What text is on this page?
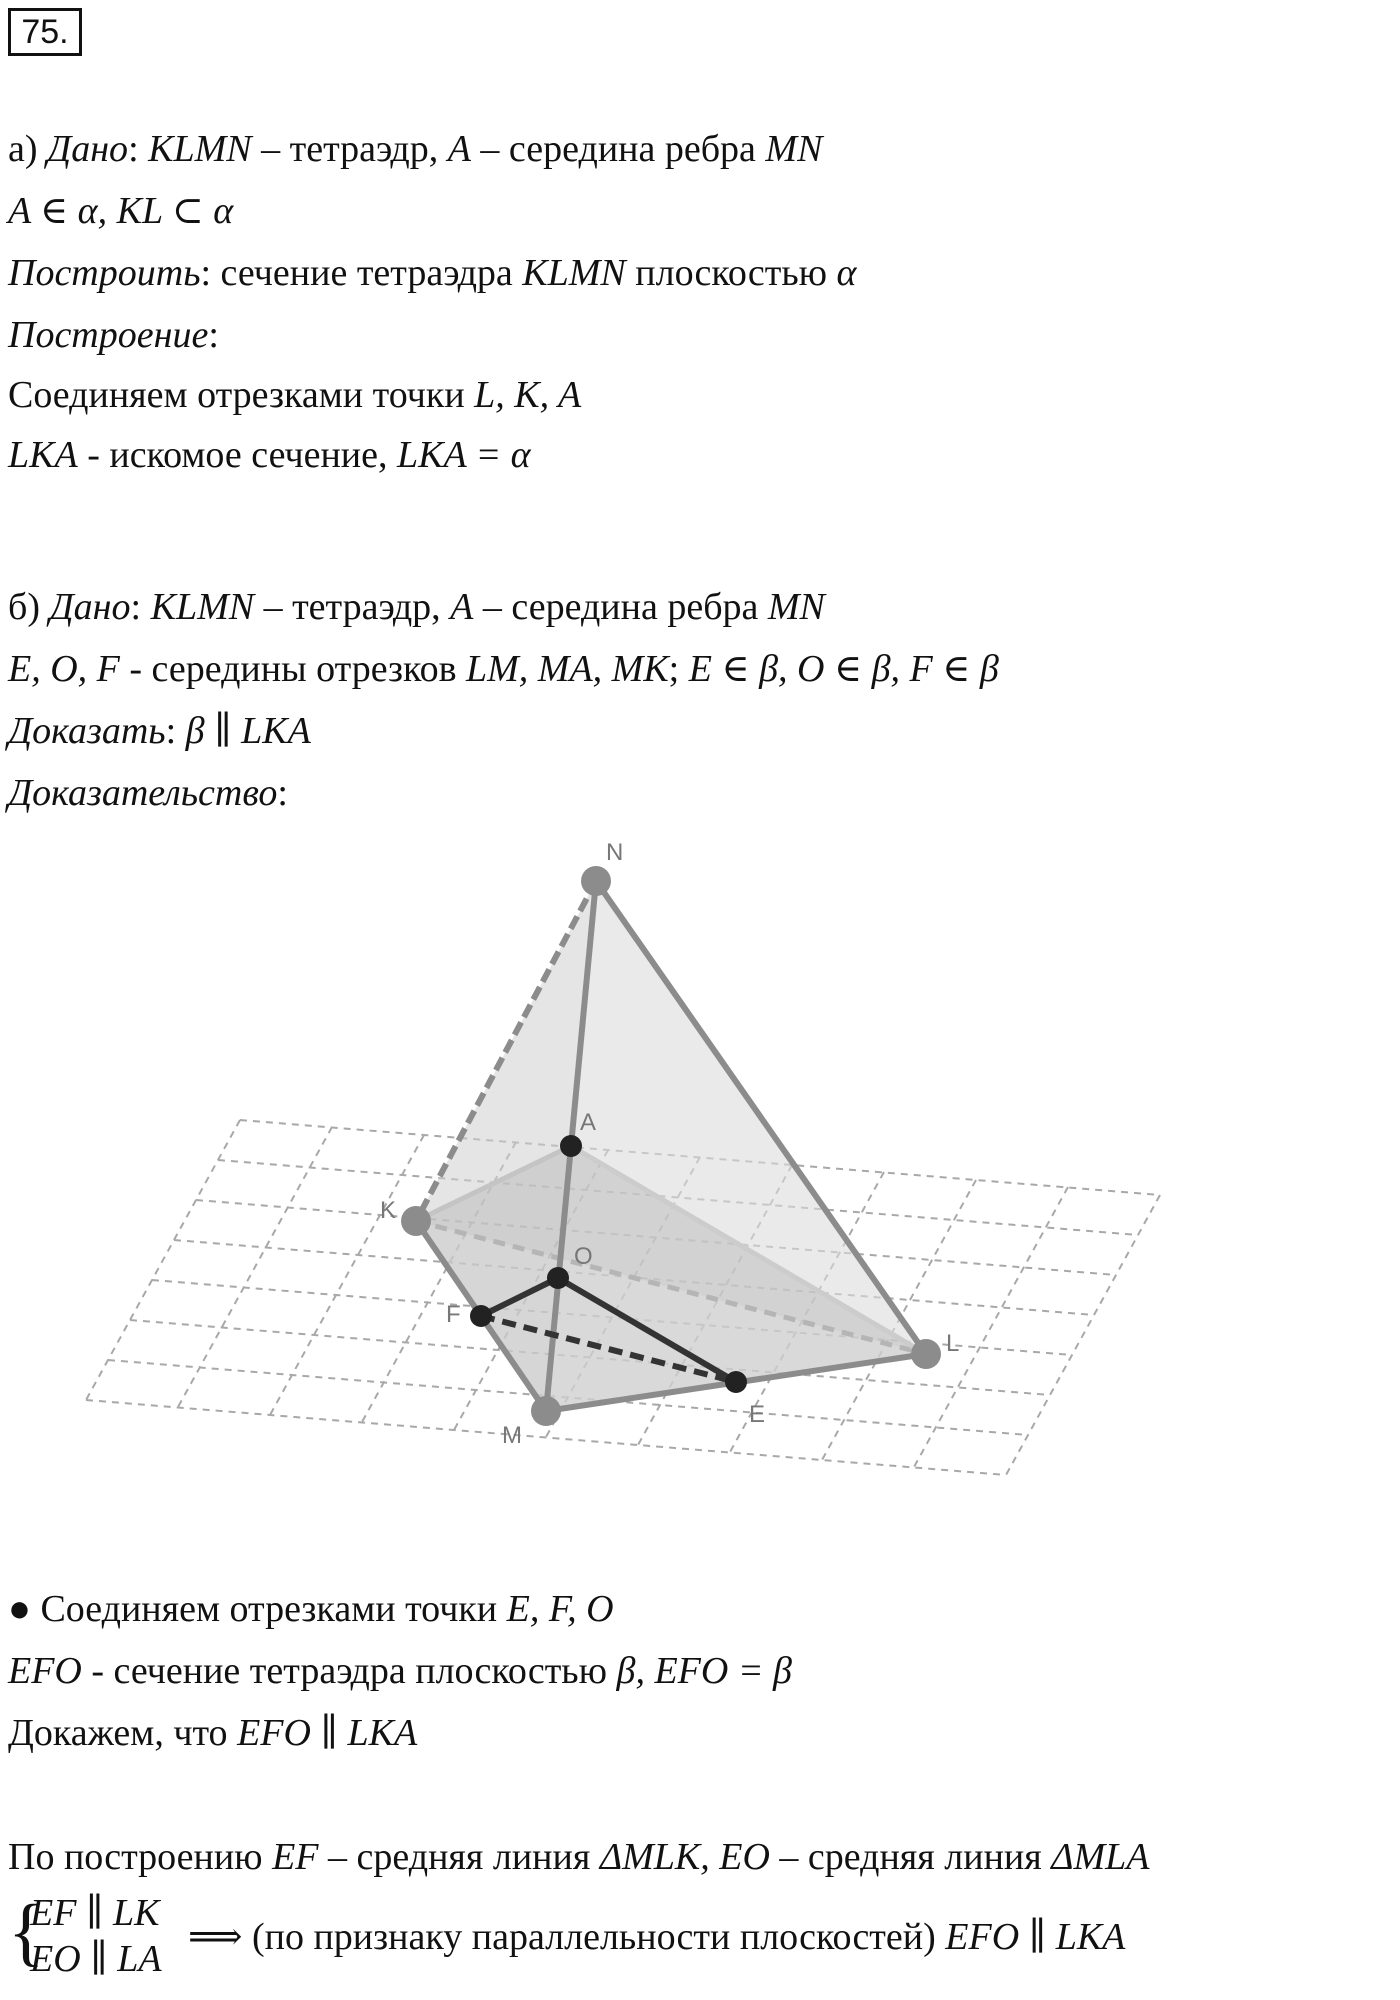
75.
а) Дано: KLMN – тетраэдр, A – середина ребра MN
A ∈ α, KL ⊂ α
Построить: сечение тетраэдра KLMN плоскостью α
Построение:
Соединяем отрезками точки L, K, A
LKA - искомое сечение, LKA = α
б) Дано: KLMN – тетраэдр, A – середина ребра MN
E, O, F - середины отрезков LM, MA, MK; E ∈ β, O ∈ β, F ∈ β
Доказать: β ∥ LKA
Доказательство:
N
A
K
O
F
L
M
E
● Соединяем отрезками точки E, F, O
EFO - сечение тетраэдра плоскостью β, EFO = β
Докажем, что EFO ∥ LKA
По построению EF – средняя линия ΔMLK, EO – средняя линия ΔMLA
{
EF ∥ LK
EO ∥ LA
⟹ (по признаку параллельности плоскостей) EFO ∥ LKA
